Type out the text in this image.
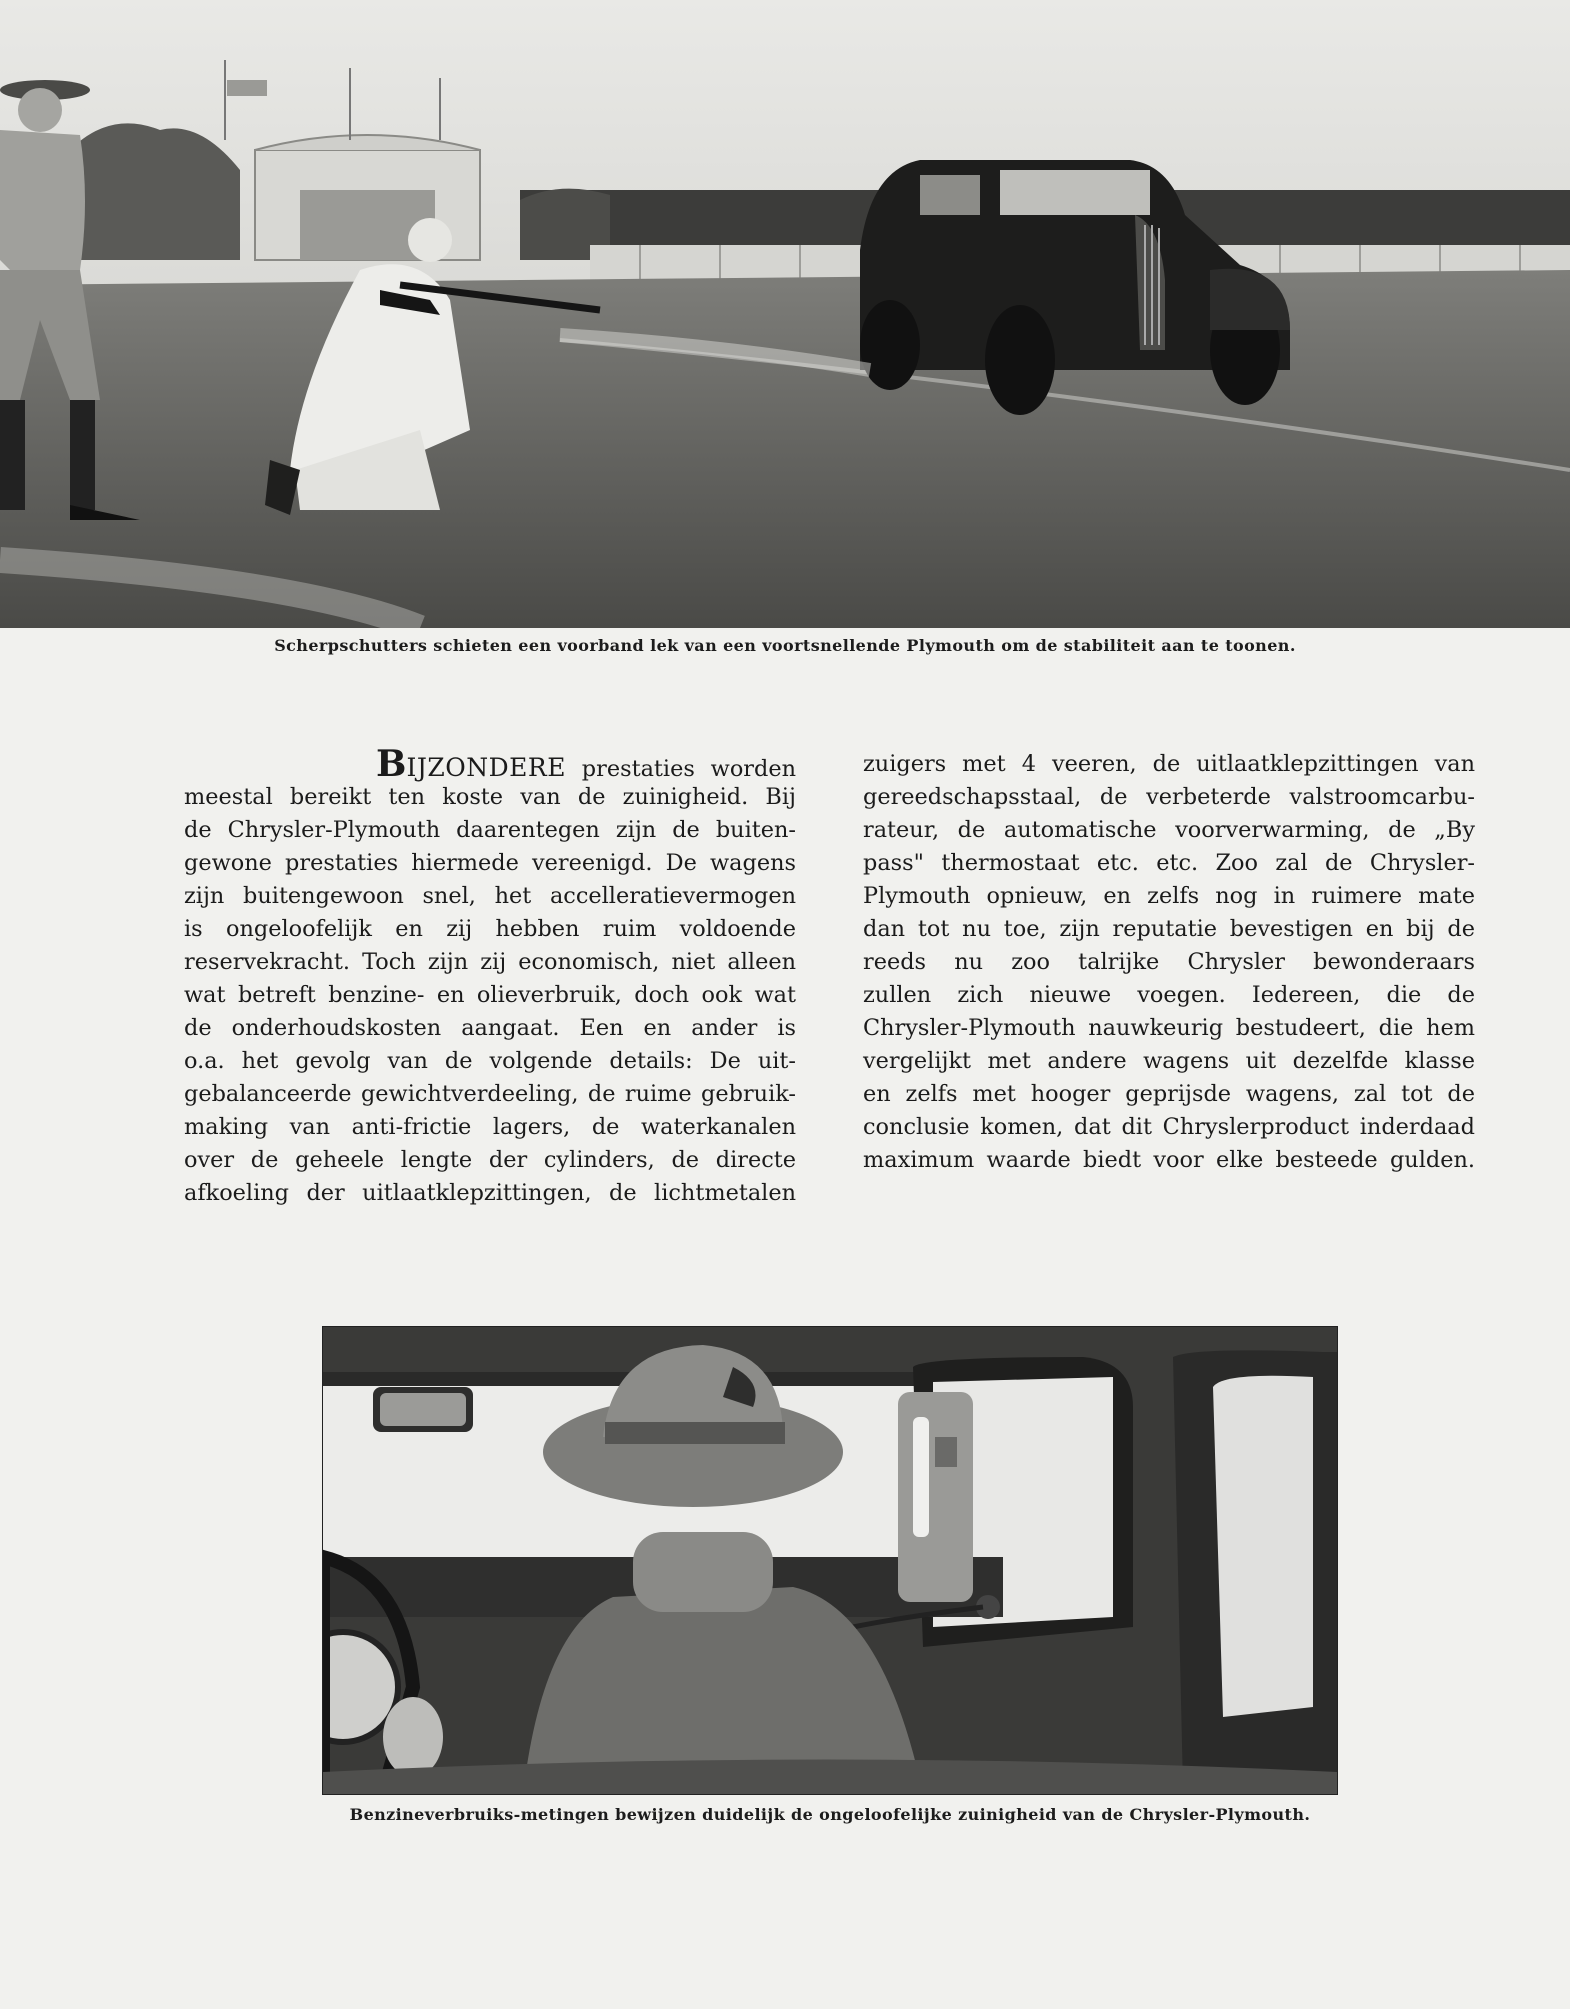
Scherpschutters schieten een voorband lek van een voortsnellende Plymouth om de stabiliteit aan te toonen.
BIJZONDERE prestaties worden
meestal bereikt ten koste van de zuinigheid. Bij
de Chrysler-Plymouth daarentegen zijn de buiten-
gewone prestaties hiermede vereenigd. De wagens
zijn buitengewoon snel, het accelleratievermogen
is ongeloofelijk en zij hebben ruim voldoende
reservekracht. Toch zijn zij economisch, niet alleen
wat betreft benzine- en olieverbruik, doch ook wat
de onderhoudskosten aangaat. Een en ander is
o.a. het gevolg van de volgende details: De uit-
gebalanceerde gewichtverdeeling, de ruime gebruik-
making van anti-frictie lagers, de waterkanalen
over de geheele lengte der cylinders, de directe
afkoeling der uitlaatklepzittingen, de lichtmetalen
zuigers met 4 veeren, de uitlaatklepzittingen van
gereedschapsstaal, de verbeterde valstroomcarbu-
rateur, de automatische voorverwarming, de „By
pass" thermostaat etc. etc. Zoo zal de Chrysler-
Plymouth opnieuw, en zelfs nog in ruimere mate
dan tot nu toe, zijn reputatie bevestigen en bij de
reeds nu zoo talrijke Chrysler bewonderaars
zullen zich nieuwe voegen. Iedereen, die de
Chrysler-Plymouth nauwkeurig bestudeert, die hem
vergelijkt met andere wagens uit dezelfde klasse
en zelfs met hooger geprijsde wagens, zal tot de
conclusie komen, dat dit Chryslerproduct inderdaad
maximum waarde biedt voor elke besteede gulden.
Benzineverbruiks-metingen bewijzen duidelijk de ongeloofelijke zuinigheid van de Chrysler-Plymouth.
